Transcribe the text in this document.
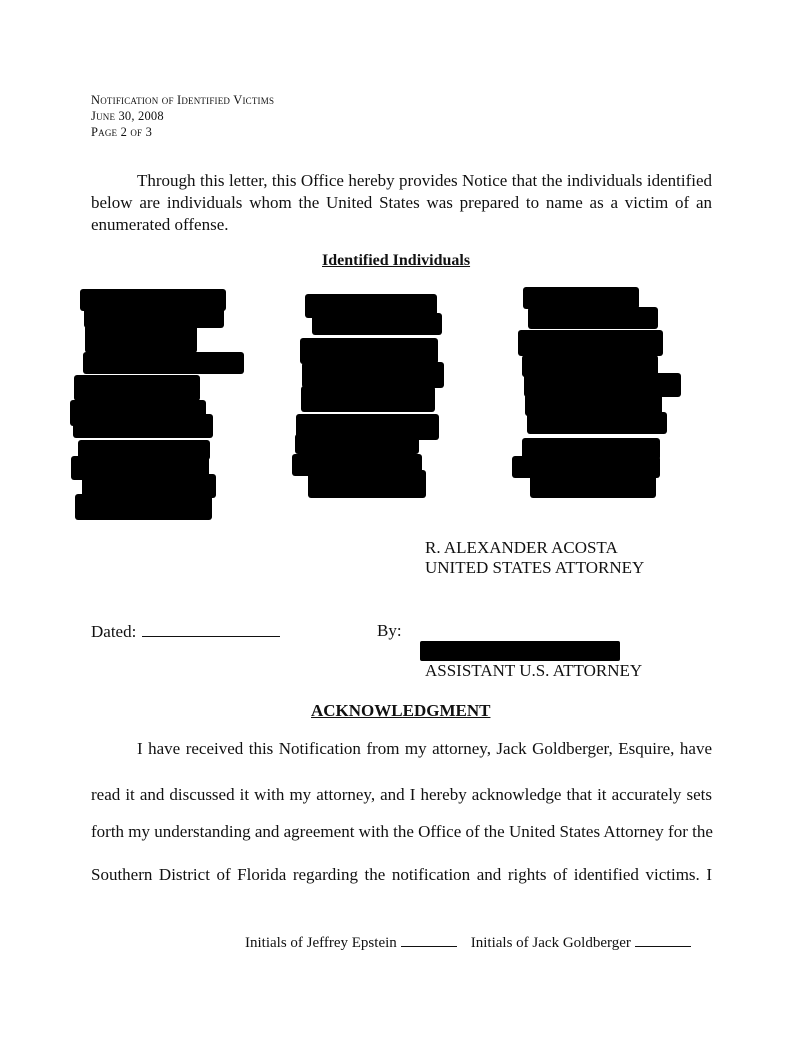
Notification of Identified Victims
June 30, 2008
Page 2 of 3
Through this letter, this Office hereby provides Notice that the individuals identified below are individuals whom the United States was prepared to name as a victim of an enumerated offense.
Identified Individuals
R. ALEXANDER ACOSTA
UNITED STATES ATTORNEY
Dated:	By:
ASSISTANT U.S. ATTORNEY
ACKNOWLEDGMENT
I have received this Notification from my attorney, Jack Goldberger, Esquire, have
read it and discussed it with my attorney, and I hereby acknowledge that it accurately sets
forth my understanding and agreement with the Office of the United States Attorney for the
Southern District of Florida regarding the notification and rights of identified victims. I
Initials of Jeffrey Epstein	Initials of Jack Goldberger
